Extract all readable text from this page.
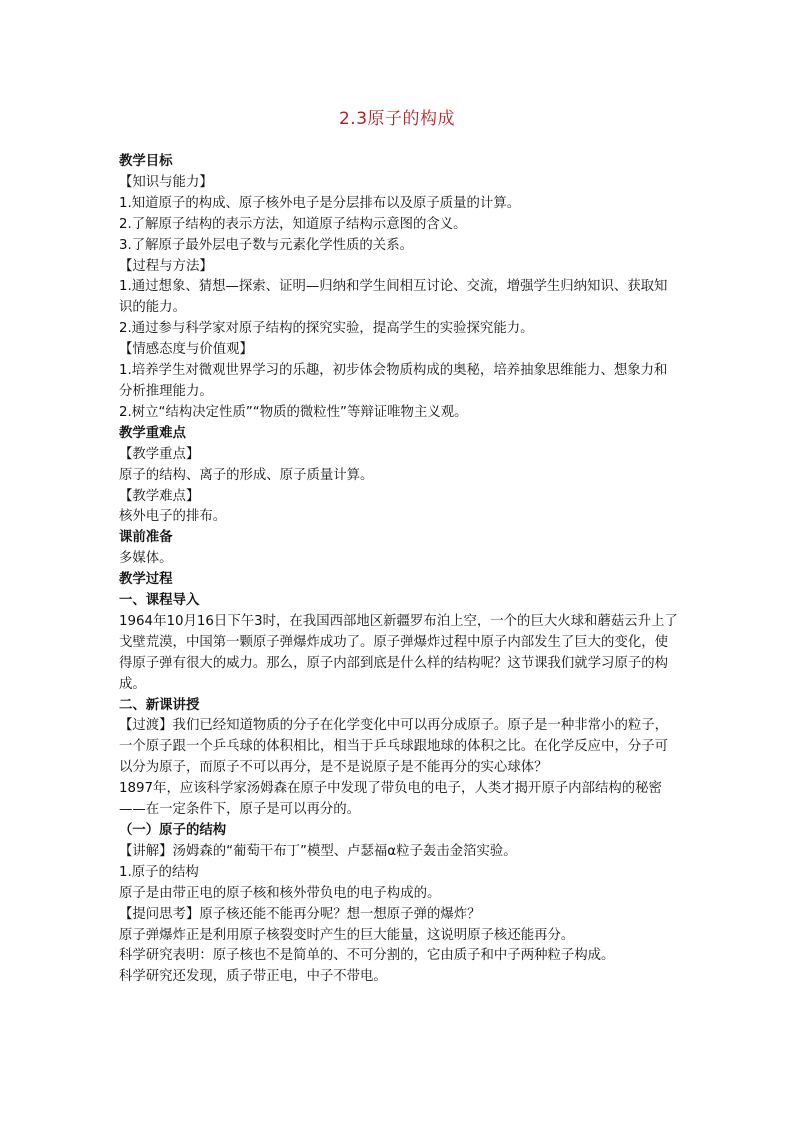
2.3原子的构成

教学目标

【知识与能力】

1.知道原子的构成、原子核外电子是分层排布以及原子质量的计算。

2.了解原子结构的表示方法，知道原子结构示意图的含义。

3.了解原子最外层电子数与元素化学性质的关系。

【过程与方法】

1.通过想象、猜想—探索、证明—归纳和学生间相互讨论、交流，增强学生归纳知识、获取知识的能力。

2.通过参与科学家对原子结构的探究实验，提高学生的实验探究能力。

【情感态度与价值观】

1.培养学生对微观世界学习的乐趣，初步体会物质构成的奥秘，培养抽象思维能力、想象力和分析推理能力。

2.树立“结构决定性质”“物质的微粒性”等辩证唯物主义观。

教学重难点

【教学重点】

原子的结构、离子的形成、原子质量计算。

【教学难点】

核外电子的排布。

课前准备

多媒体。

教学过程

一、课程导入

1964年10月16日下午3时，在我国西部地区新疆罗布泊上空，一个的巨大火球和蘑菇云升上了戈壁荒漠，中国第一颗原子弹爆炸成功了。原子弹爆炸过程中原子内部发生了巨大的变化，使得原子弹有很大的威力。那么，原子内部到底是什么样的结构呢？这节课我们就学习原子的构成。

二、新课讲授

【过渡】我们已经知道物质的分子在化学变化中可以再分成原子。原子是一种非常小的粒子，一个原子跟一个乒乓球的体积相比，相当于乒乓球跟地球的体积之比。在化学反应中，分子可以分为原子，而原子不可以再分，是不是说原子是不能再分的实心球体？

1897年，应该科学家汤姆森在原子中发现了带负电的电子，人类才揭开原子内部结构的秘密——在一定条件下，原子是可以再分的。

（一）原子的结构

【讲解】汤姆森的“葡萄干布丁”模型、卢瑟福α粒子轰击金箔实验。

1.原子的结构

原子是由带正电的原子核和核外带负电的电子构成的。

【提问思考】原子核还能不能再分呢？想一想原子弹的爆炸？

原子弹爆炸正是利用原子核裂变时产生的巨大能量，这说明原子核还能再分。

科学研究表明：原子核也不是简单的、不可分割的，它由质子和中子两种粒子构成。

科学研究还发现，质子带正电，中子不带电。
